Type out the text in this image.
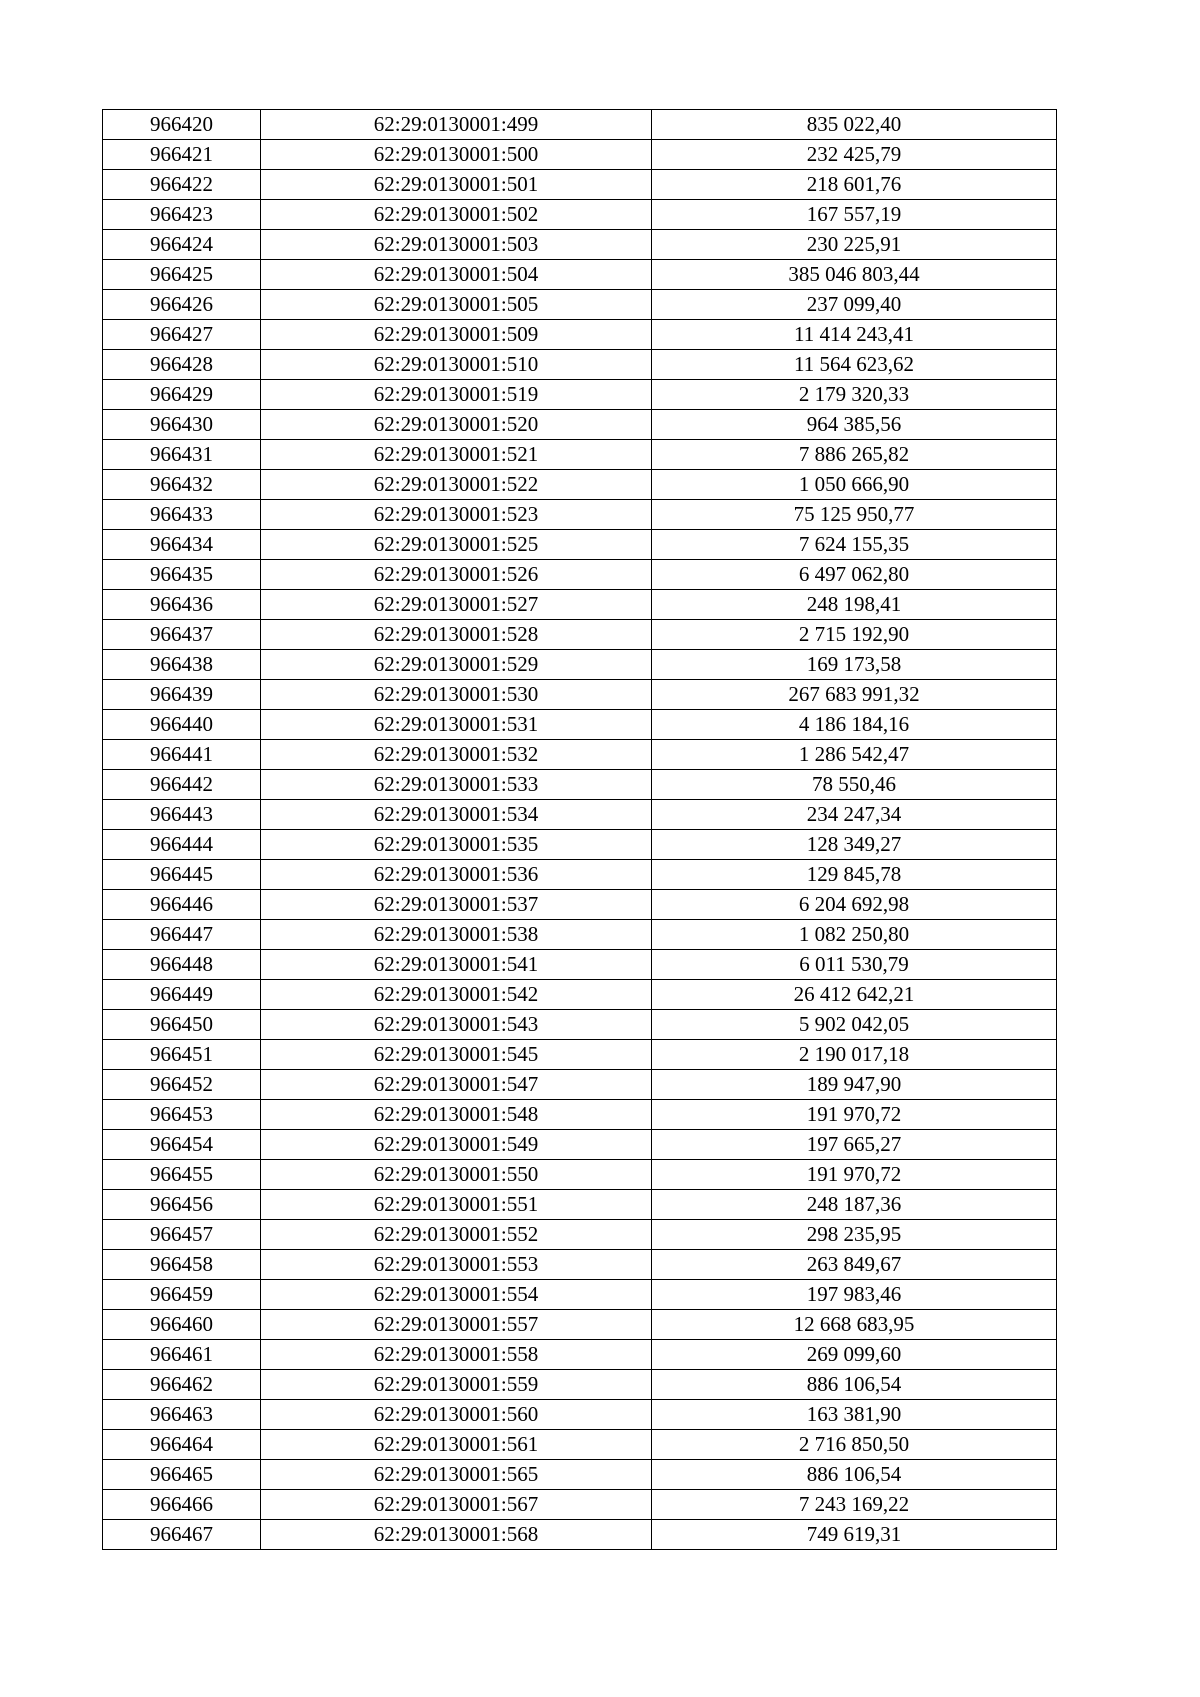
966420	62:29:0130001:499	835 022,40
966421	62:29:0130001:500	232 425,79
966422	62:29:0130001:501	218 601,76
966423	62:29:0130001:502	167 557,19
966424	62:29:0130001:503	230 225,91
966425	62:29:0130001:504	385 046 803,44
966426	62:29:0130001:505	237 099,40
966427	62:29:0130001:509	11 414 243,41
966428	62:29:0130001:510	11 564 623,62
966429	62:29:0130001:519	2 179 320,33
966430	62:29:0130001:520	964 385,56
966431	62:29:0130001:521	7 886 265,82
966432	62:29:0130001:522	1 050 666,90
966433	62:29:0130001:523	75 125 950,77
966434	62:29:0130001:525	7 624 155,35
966435	62:29:0130001:526	6 497 062,80
966436	62:29:0130001:527	248 198,41
966437	62:29:0130001:528	2 715 192,90
966438	62:29:0130001:529	169 173,58
966439	62:29:0130001:530	267 683 991,32
966440	62:29:0130001:531	4 186 184,16
966441	62:29:0130001:532	1 286 542,47
966442	62:29:0130001:533	78 550,46
966443	62:29:0130001:534	234 247,34
966444	62:29:0130001:535	128 349,27
966445	62:29:0130001:536	129 845,78
966446	62:29:0130001:537	6 204 692,98
966447	62:29:0130001:538	1 082 250,80
966448	62:29:0130001:541	6 011 530,79
966449	62:29:0130001:542	26 412 642,21
966450	62:29:0130001:543	5 902 042,05
966451	62:29:0130001:545	2 190 017,18
966452	62:29:0130001:547	189 947,90
966453	62:29:0130001:548	191 970,72
966454	62:29:0130001:549	197 665,27
966455	62:29:0130001:550	191 970,72
966456	62:29:0130001:551	248 187,36
966457	62:29:0130001:552	298 235,95
966458	62:29:0130001:553	263 849,67
966459	62:29:0130001:554	197 983,46
966460	62:29:0130001:557	12 668 683,95
966461	62:29:0130001:558	269 099,60
966462	62:29:0130001:559	886 106,54
966463	62:29:0130001:560	163 381,90
966464	62:29:0130001:561	2 716 850,50
966465	62:29:0130001:565	886 106,54
966466	62:29:0130001:567	7 243 169,22
966467	62:29:0130001:568	749 619,31
